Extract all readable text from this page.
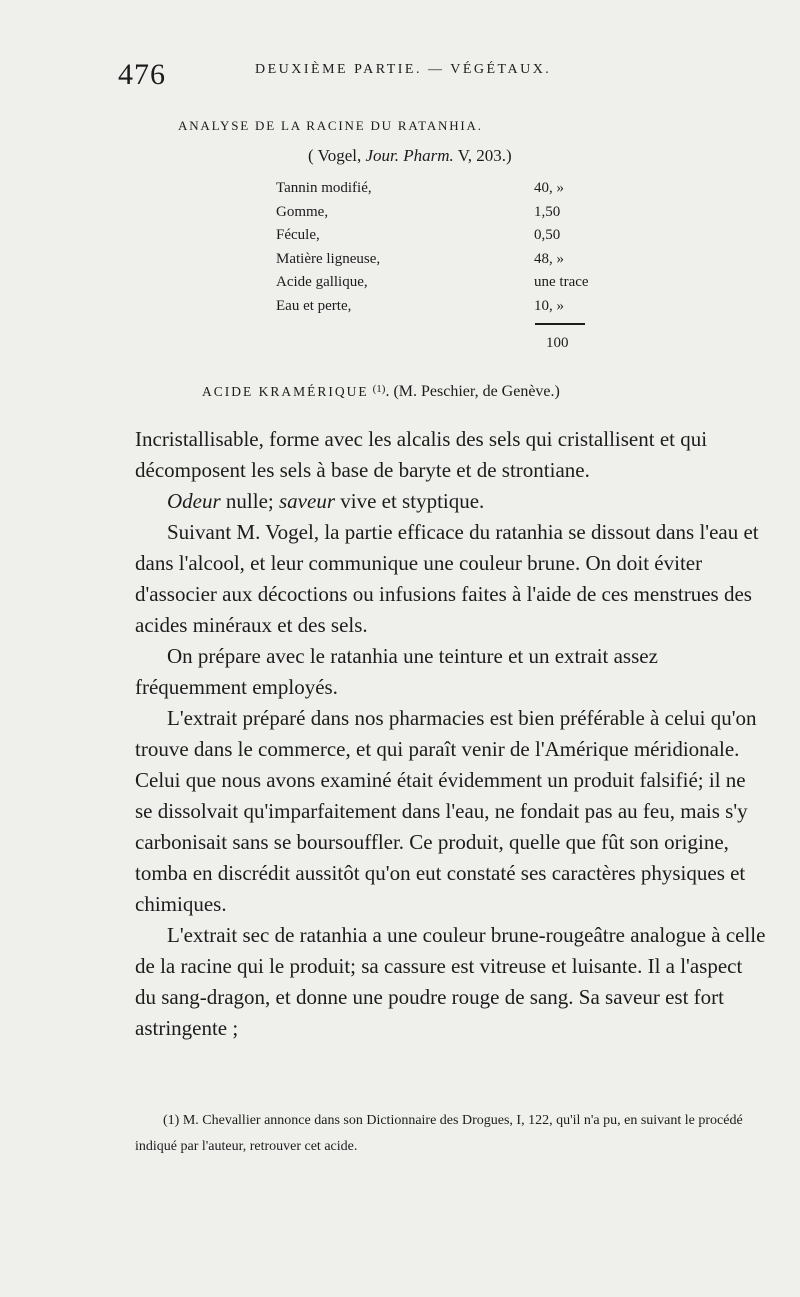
476	DEUXIÈME PARTIE. — VÉGÉTAUX.
ANALYSE DE LA RACINE DU RATANHIA.
( Vogel, Jour. Pharm. V, 203.)
Tannin modifié,	40, »
Gomme,	1,50
Fécule,	0,50
Matière ligneuse,	48, »
Acide gallique,	une trace
Eau et perte,	10, »
100
ACIDE KRAMÉRIQUE $^{(1)}$. (M. Peschier, de Genève.)

Incristallisable, forme avec les alcalis des sels qui cristallisent et qui décomposent les sels à base de baryte et de strontiane.

Odeur nulle; saveur vive et styptique.

Suivant M. Vogel, la partie efficace du ratanhia se dissout dans l'eau et dans l'alcool, et leur communique une couleur brune. On doit éviter d'associer aux décoctions ou infusions faites à l'aide de ces menstrues des acides minéraux et des sels.

On prépare avec le ratanhia une teinture et un extrait assez fréquemment employés.

L'extrait préparé dans nos pharmacies est bien préférable à celui qu'on trouve dans le commerce, et qui paraît venir de l'Amérique méridionale. Celui que nous avons examiné était évidemment un produit falsifié; il ne se dissolvait qu'imparfaitement dans l'eau, ne fondait pas au feu, mais s'y carbonisait sans se boursouffler. Ce produit, quelle que fût son origine, tomba en discrédit aussitôt qu'on eut constaté ses caractères physiques et chimiques.

L'extrait sec de ratanhia a une couleur brune-rougeâtre analogue à celle de la racine qui le produit; sa cassure est vitreuse et luisante. Il a l'aspect du sang-dragon, et donne une poudre rouge de sang. Sa saveur est fort astringente ;

(1) M. Chevallier annonce dans son Dictionnaire des Drogues, I, 122, qu'il n'a pu, en suivant le procédé indiqué par l'auteur, retrouver cet acide.
